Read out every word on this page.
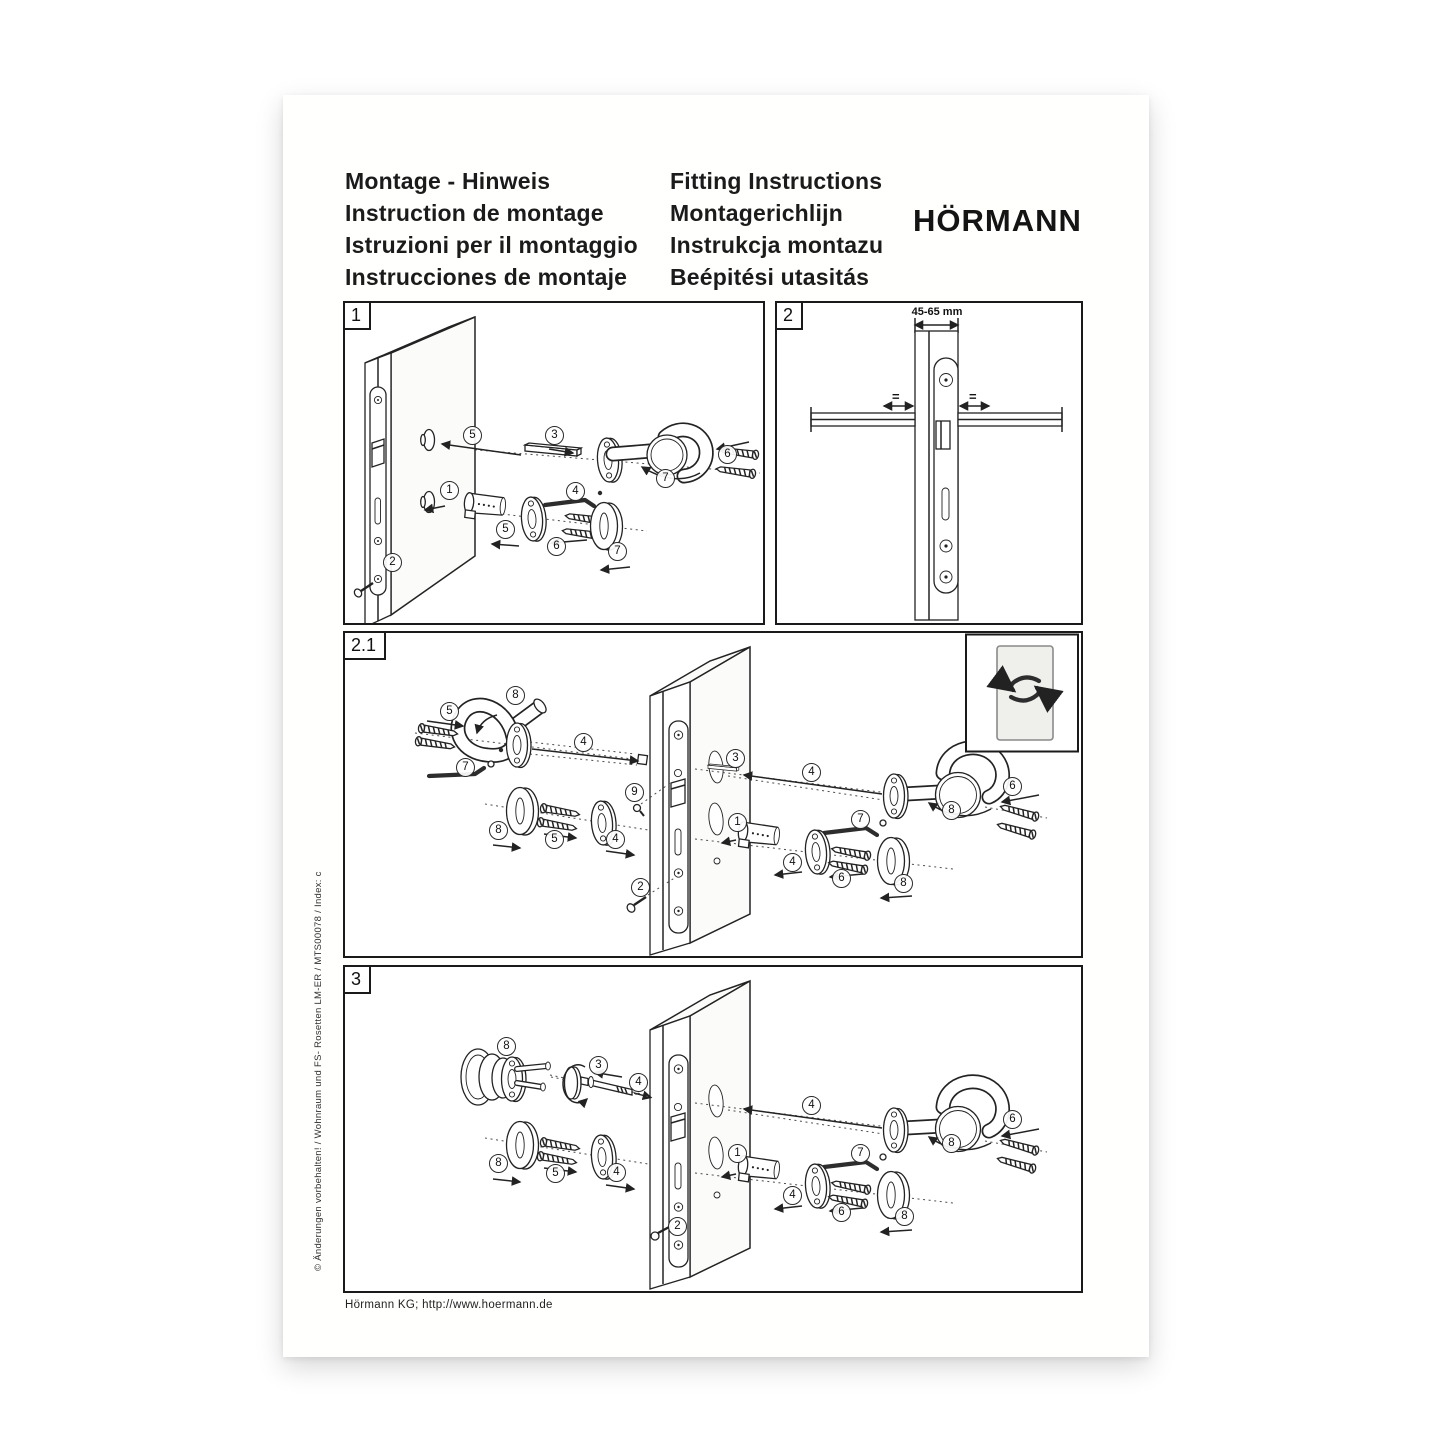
Montage - Hinweis
Instruction de montage
Istruzioni per il montaggio
Instrucciones de montaje
Fitting Instructions
Montagerichlijn
Instrukcja montazu
Beépitési utasitás
HÖRMANN
1
5	3
6
7
1	4
5
6	7
2
2	45-65 mm
=	=
2.1
8
5
4
7
9
2
8
5	4
3
4
1	7
6
8
4
6	8
3
8
3
4
2
8
5	4
4
1	7
6
8
4
6	8
© Änderungen vorbehalten! / Wohnraum und FS- Rosetten LM-ER / MTS00078 / Index: c
Hörmann KG; http://www.hoermann.de
